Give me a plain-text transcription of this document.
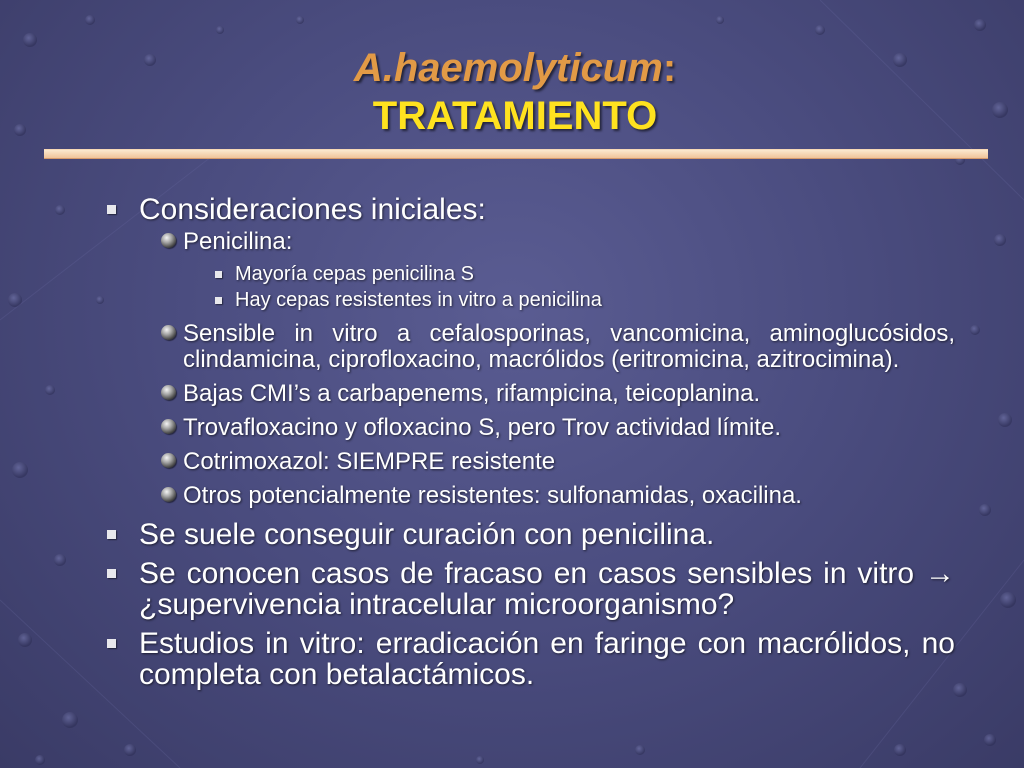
A.haemolyticum:
TRATAMIENTO
Consideraciones iniciales:
Penicilina:
Mayoría cepas penicilina S
Hay cepas resistentes in vitro a penicilina
Sensible in vitro a cefalosporinas, vancomicina, aminoglucósidos, clindamicina, ciprofloxacino, macrólidos (eritromicina, azitrocimina).
Bajas CMI’s a carbapenems, rifampicina, teicoplanina.
Trovafloxacino y ofloxacino S, pero Trov actividad límite.
Cotrimoxazol: SIEMPRE resistente
Otros potencialmente resistentes: sulfonamidas, oxacilina.
Se suele conseguir curación con penicilina.
Se conocen casos de fracaso en casos sensibles in vitro → ¿supervivencia intracelular microorganismo?
Estudios in vitro: erradicación en faringe con macrólidos, no completa con betalactámicos.
